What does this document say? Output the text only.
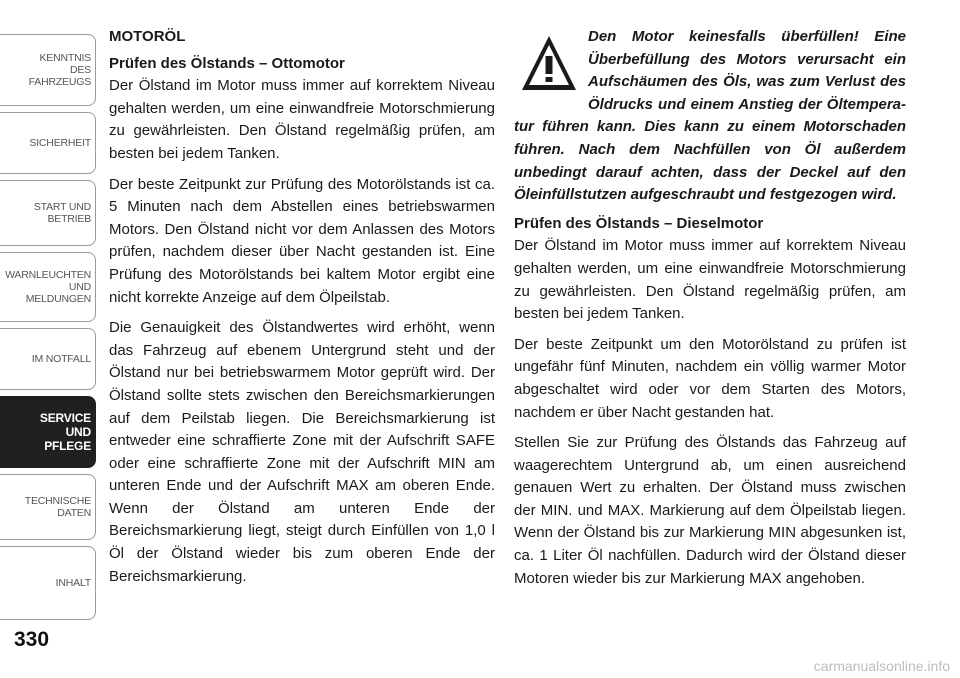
KENNTNIS
DES
FAHRZEUGS
SICHERHEIT
START UND
BETRIEB
WARNLEUCHTEN
UND
MELDUNGEN
IM NOTFALL
SERVICE
UND
PFLEGE
TECHNISCHE
DATEN
INHALT
330

MOTORÖL

Prüfen des Ölstands – Ottomotor

Der Ölstand im Motor muss immer auf korrektem Niveau gehalten werden, um eine einwandfreie Motorschmierung zu gewährleisten. Den Ölstand regelmäßig prüfen, am besten bei jedem Tanken.

Der beste Zeitpunkt zur Prüfung des Motorölstands ist ca. 5 Minuten nach dem Abstellen eines betriebswarmen Motors. Den Ölstand nicht vor dem Anlassen des Motors prüfen, nachdem dieser über Nacht gestanden ist. Eine Prüfung des Motorölstands bei kaltem Motor ergibt eine nicht korrekte Anzeige auf dem Ölpeilstab.

Die Genauigkeit des Ölstandwertes wird erhöht, wenn das Fahrzeug auf ebenem Untergrund steht und der Ölstand nur bei betriebswarmem Motor geprüft wird. Der Ölstand sollte stets zwischen den Bereichsmarkierungen auf dem Peilstab liegen. Die Bereichsmarkierung ist entweder eine schraffierte Zone mit der Aufschrift SAFE oder eine schraffierte Zone mit der Aufschrift MIN am unteren Ende und der Aufschrift MAX am oberen Ende. Wenn der Ölstand am unteren Ende der Bereichsmarkierung liegt, steigt durch Einfüllen von 1,0 l Öl der Ölstand wieder bis zum oberen Ende der Bereichsmarkierung.

Den Motor keinesfalls überfüllen! Eine Überbefüllung des Motors verursacht ein Aufschäumen des Öls, was zum Verlust des Öldrucks und einem Anstieg der Öltemperatur führen kann. Dies kann zu einem Motorschaden führen. Nach dem Nachfüllen von Öl außerdem unbedingt darauf achten, dass der Deckel auf den Öleinfüllstutzen aufgeschraubt und festgezogen wird.

Prüfen des Ölstands – Dieselmotor

Der Ölstand im Motor muss immer auf korrektem Niveau gehalten werden, um eine einwandfreie Motorschmierung zu gewährleisten. Den Ölstand regelmäßig prüfen, am besten bei jedem Tanken.

Der beste Zeitpunkt um den Motorölstand zu prüfen ist ungefähr fünf Minuten, nachdem ein völlig warmer Motor abgeschaltet wird oder vor dem Starten des Motors, nachdem er über Nacht gestanden hat.

Stellen Sie zur Prüfung des Ölstands das Fahrzeug auf waagerechtem Untergrund ab, um einen ausreichend genauen Wert zu erhalten. Der Ölstand muss zwischen der MIN. und MAX. Markierung auf dem Ölpeilstab liegen. Wenn der Ölstand bis zur Markierung MIN abgesunken ist, ca. 1 Liter Öl nachfüllen. Dadurch wird der Ölstand dieser Motoren wieder bis zur Markierung MAX angehoben.

carmanualsonline.info
